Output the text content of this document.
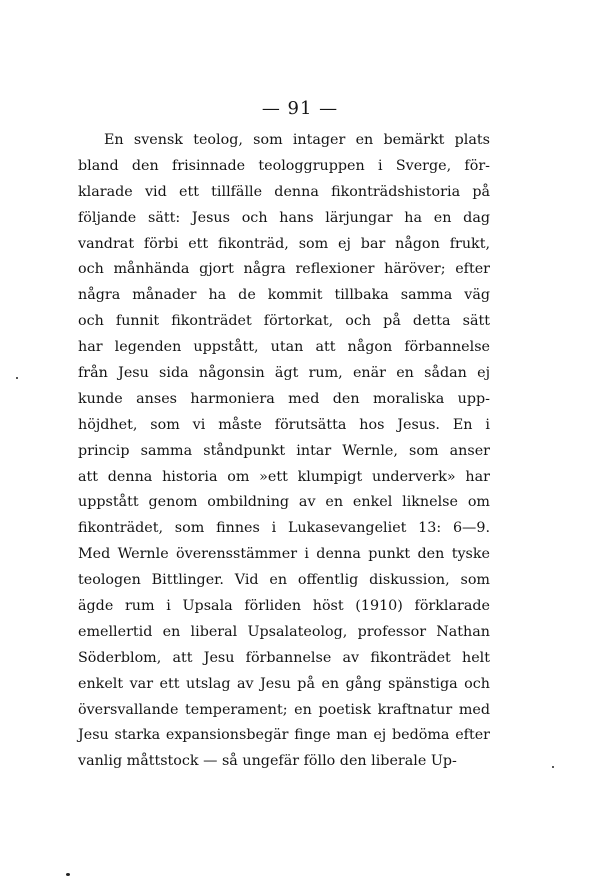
— 91 —
En svensk teolog, som intager en bemärkt plats
bland den frisinnade teologgruppen i Sverge, för-
klarade vid ett tillfälle denna fikonträdshistoria på
följande sätt: Jesus och hans lärjungar ha en dag
vandrat förbi ett fikonträd, som ej bar någon frukt,
och månhända gjort några reflexioner häröver; efter
några månader ha de kommit tillbaka samma väg
och funnit fikonträdet förtorkat, och på detta sätt
har legenden uppstått, utan att någon förbannelse
från Jesu sida någonsin ägt rum, enär en sådan ej
kunde anses harmoniera med den moraliska upp-
höjdhet, som vi måste förutsätta hos Jesus. En i
princip samma ståndpunkt intar Wernle, som anser
att denna historia om »ett klumpigt underverk» har
uppstått genom ombildning av en enkel liknelse om
fikonträdet, som finnes i Lukasevangeliet 13: 6—9.
Med Wernle överensstämmer i denna punkt den tyske
teologen Bittlinger. Vid en offentlig diskussion, som
ägde rum i Upsala förliden höst (1910) förklarade
emellertid en liberal Upsalateolog, professor Nathan
Söderblom, att Jesu förbannelse av fikonträdet helt
enkelt var ett utslag av Jesu på en gång spänstiga och
översvallande temperament; en poetisk kraftnatur med
Jesu starka expansionsbegär finge man ej bedöma efter
vanlig måttstock — så ungefär föllo den liberale Up-
